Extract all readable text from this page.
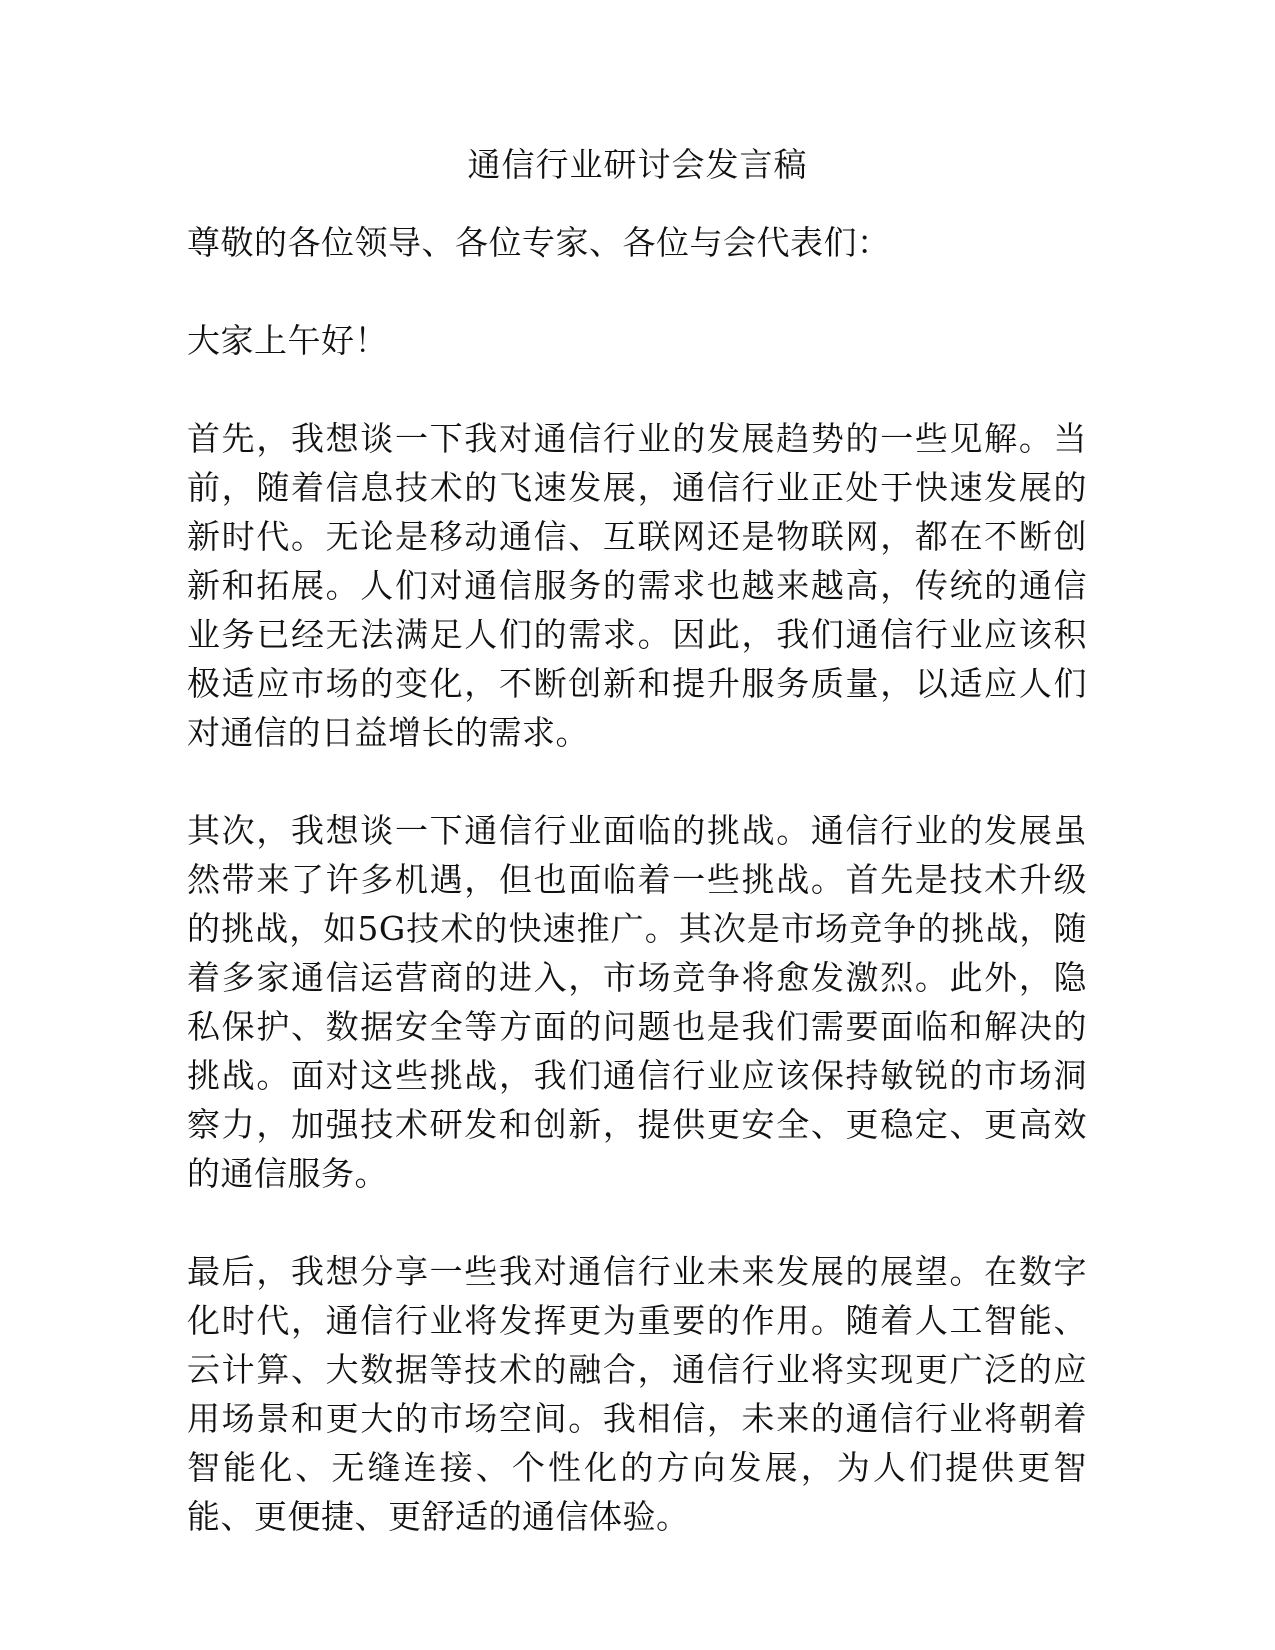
通信行业研讨会发言稿

尊敬的各位领导、各位专家、各位与会代表们：

大家上午好！

首先，我想谈一下我对通信行业的发展趋势的一些见解。当前，随着信息技术的飞速发展，通信行业正处于快速发展的新时代。无论是移动通信、互联网还是物联网，都在不断创新和拓展。人们对通信服务的需求也越来越高，传统的通信业务已经无法满足人们的需求。因此，我们通信行业应该积极适应市场的变化，不断创新和提升服务质量，以适应人们对通信的日益增长的需求。

其次，我想谈一下通信行业面临的挑战。通信行业的发展虽然带来了许多机遇，但也面临着一些挑战。首先是技术升级的挑战，如5G技术的快速推广。其次是市场竞争的挑战，随着多家通信运营商的进入，市场竞争将愈发激烈。此外，隐私保护、数据安全等方面的问题也是我们需要面临和解决的挑战。面对这些挑战，我们通信行业应该保持敏锐的市场洞察力，加强技术研发和创新，提供更安全、更稳定、更高效的通信服务。

最后，我想分享一些我对通信行业未来发展的展望。在数字化时代，通信行业将发挥更为重要的作用。随着人工智能、云计算、大数据等技术的融合，通信行业将实现更广泛的应用场景和更大的市场空间。我相信，未来的通信行业将朝着智能化、无缝连接、个性化的方向发展，为人们提供更智能、更便捷、更舒适的通信体验。
